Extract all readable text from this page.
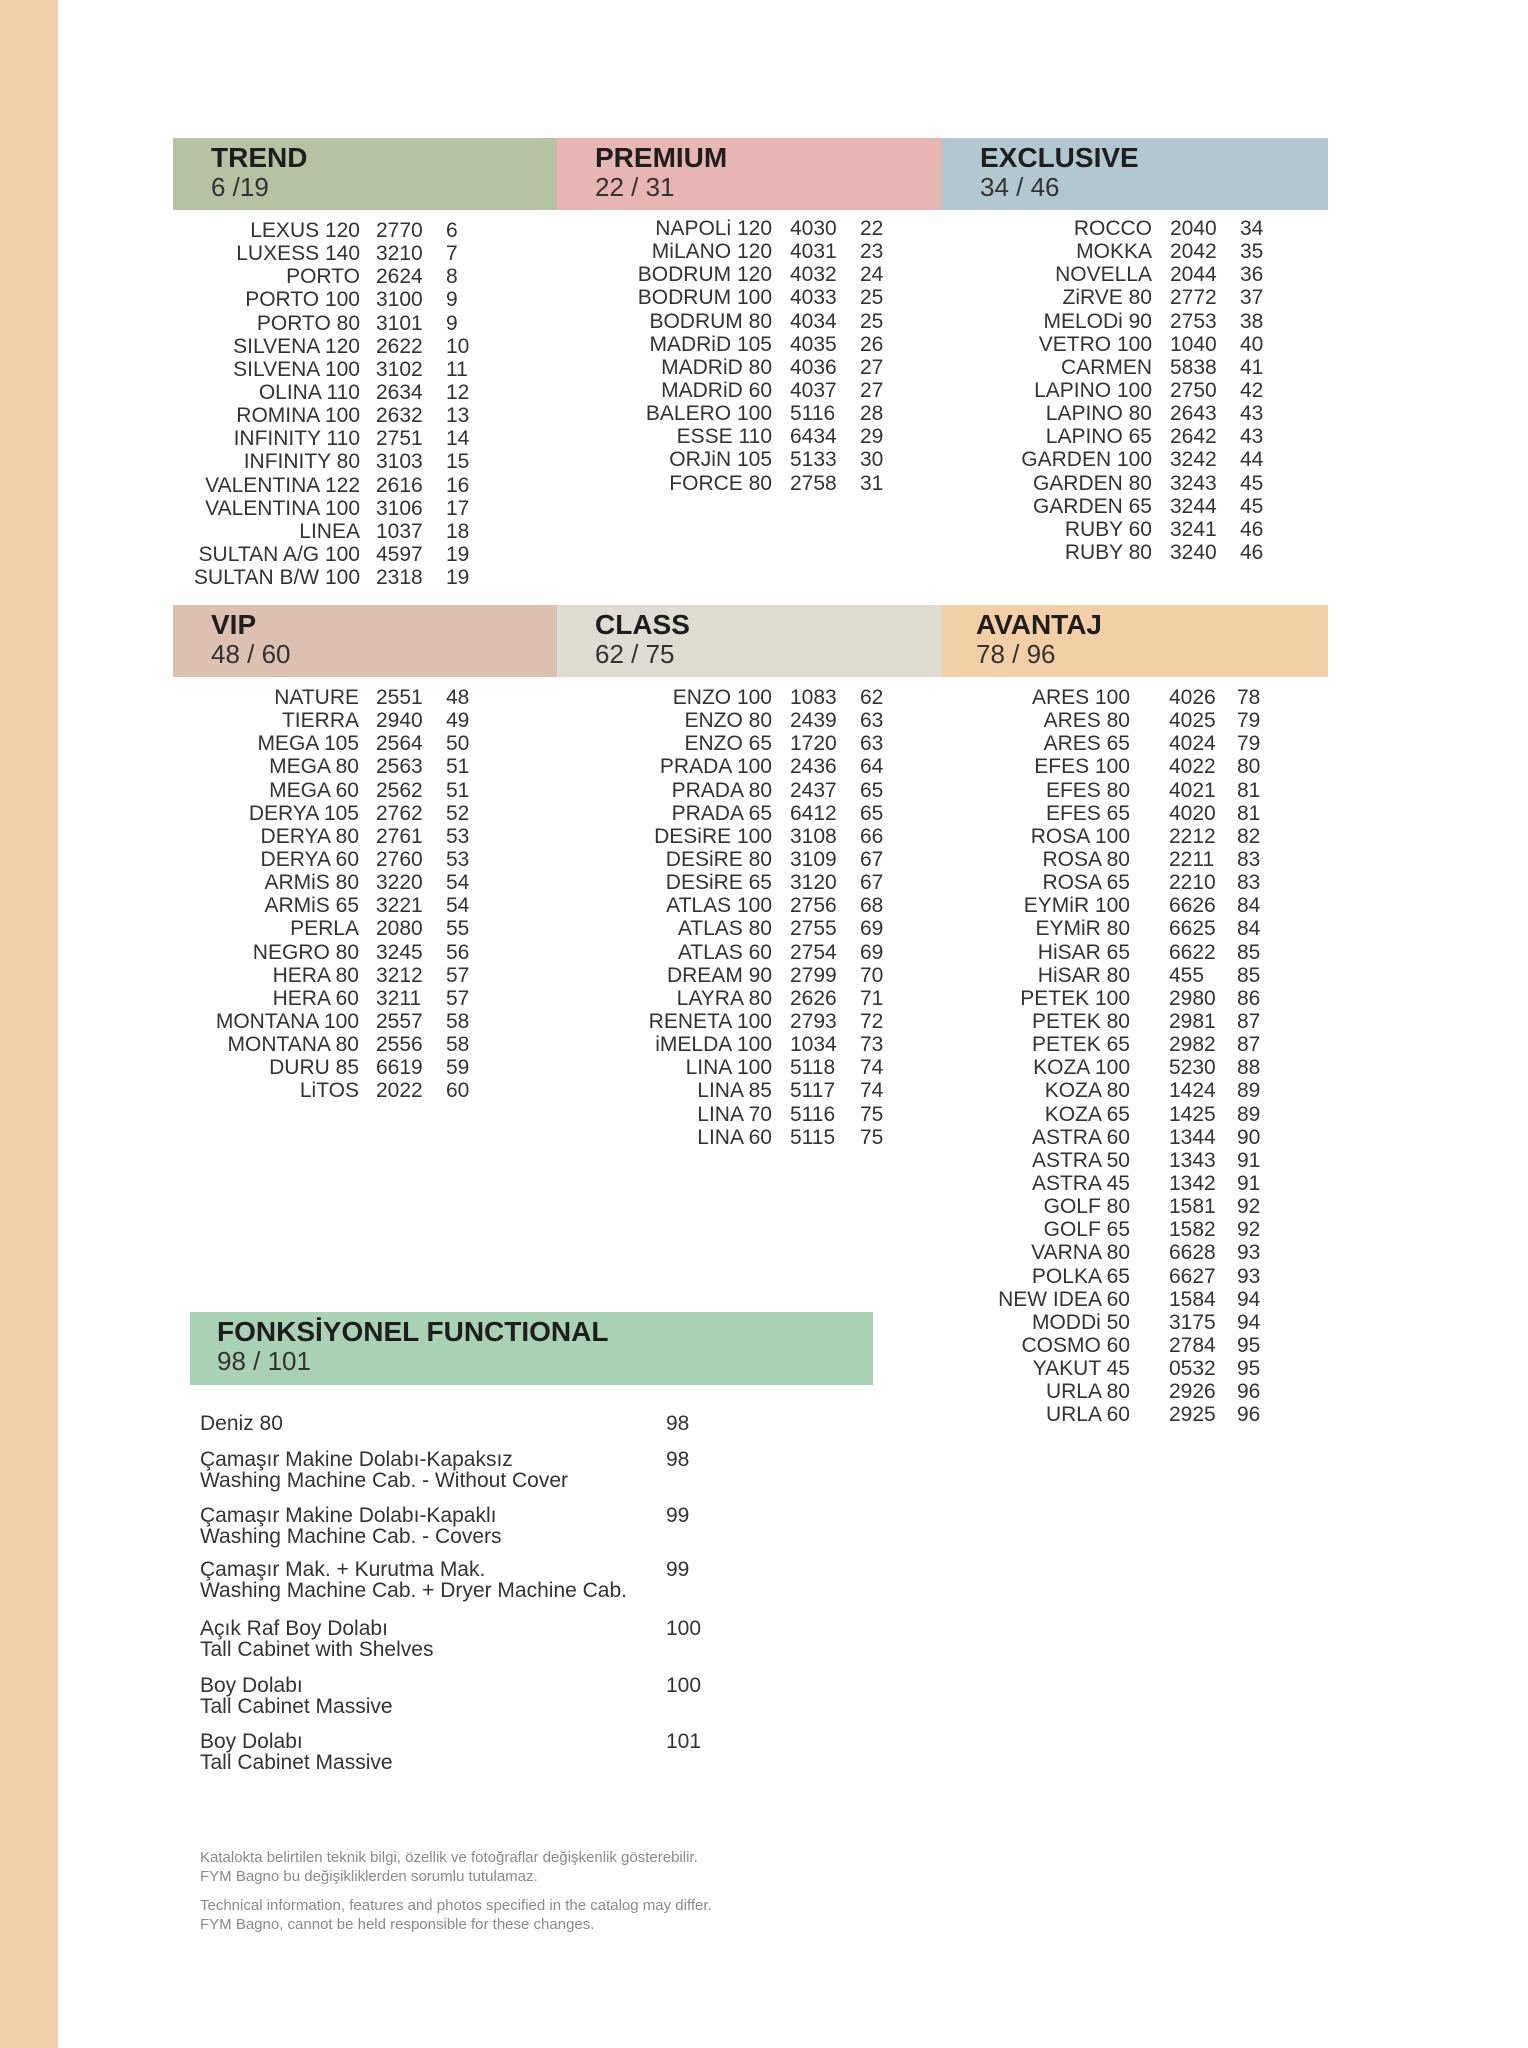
TREND
6 /19
PREMIUM
22 / 31
EXCLUSIVE
34 / 46
VIP
48 / 60
CLASS
62 / 75
AVANTAJ
78 / 96
LEXUS 120 2770 6
LUXESS 140 3210 7
PORTO 2624 8
PORTO 100 3100 9
PORTO 80 3101 9
SILVENA 120 2622 10
SILVENA 100 3102 11
OLINA 110 2634 12
ROMINA 100 2632 13
INFINITY 110 2751 14
INFINITY 80 3103 15
VALENTINA 122 2616 16
VALENTINA 100 3106 17
LINEA 1037 18
SULTAN A/G 100 4597 19
SULTAN B/W 100 2318 19
NAPOLi 120 4030 22
MiLANO 120 4031 23
BODRUM 120 4032 24
BODRUM 100 4033 25
BODRUM 80 4034 25
MADRiD 105 4035 26
MADRiD 80 4036 27
MADRiD 60 4037 27
BALERO 100 5116 28
ESSE 110 6434 29
ORJiN 105 5133 30
FORCE 80 2758 31
ROCCO 2040 34
MOKKA 2042 35
NOVELLA 2044 36
ZiRVE 80 2772 37
MELODi 90 2753 38
VETRO 100 1040 40
CARMEN 5838 41
LAPINO 100 2750 42
LAPINO 80 2643 43
LAPINO 65 2642 43
GARDEN 100 3242 44
GARDEN 80 3243 45
GARDEN 65 3244 45
RUBY 60 3241 46
RUBY 80 3240 46
NATURE 2551 48
TIERRA 2940 49
MEGA 105 2564 50
MEGA 80 2563 51
MEGA 60 2562 51
DERYA 105 2762 52
DERYA 80 2761 53
DERYA 60 2760 53
ARMiS 80 3220 54
ARMiS 65 3221 54
PERLA 2080 55
NEGRO 80 3245 56
HERA 80 3212 57
HERA 60 3211 57
MONTANA 100 2557 58
MONTANA 80 2556 58
DURU 85 6619 59
LiTOS 2022 60
ENZO 100 1083 62
ENZO 80 2439 63
ENZO 65 1720 63
PRADA 100 2436 64
PRADA 80 2437 65
PRADA 65 6412 65
DESiRE 100 3108 66
DESiRE 80 3109 67
DESiRE 65 3120 67
ATLAS 100 2756 68
ATLAS 80 2755 69
ATLAS 60 2754 69
DREAM 90 2799 70
LAYRA 80 2626 71
RENETA 100 2793 72
iMELDA 100 1034 73
LINA 100 5118 74
LINA 85 5117 74
LINA 70 5116 75
LINA 60 5115 75
ARES 100 4026 78
ARES 80 4025 79
ARES 65 4024 79
EFES 100 4022 80
EFES 80 4021 81
EFES 65 4020 81
ROSA 100 2212 82
ROSA 80 2211 83
ROSA 65 2210 83
EYMiR 100 6626 84
EYMiR 80 6625 84
HiSAR 65 6622 85
HiSAR 80 455 85
PETEK 100 2980 86
PETEK 80 2981 87
PETEK 65 2982 87
KOZA 100 5230 88
KOZA 80 1424 89
KOZA 65 1425 89
ASTRA 60 1344 90
ASTRA 50 1343 91
ASTRA 45 1342 91
GOLF 80 1581 92
GOLF 65 1582 92
VARNA 80 6628 93
POLKA 65 6627 93
NEW IDEA 60 1584 94
MODDi 50 3175 94
COSMO 60 2784 95
YAKUT 45 0532 95
URLA 80 2926 96
URLA 60 2925 96
FONKSİYONEL FUNCTIONAL
98 / 101
Deniz 80	98
Çamaşır Makine Dolabı-Kapaksız
Washing Machine Cab. - Without Cover
98
Çamaşır Makine Dolabı-Kapaklı
Washing Machine Cab. - Covers
99
Çamaşır Mak. + Kurutma Mak.
Washing Machine Cab. + Dryer Machine Cab.
99
Açık Raf Boy Dolabı
Tall Cabinet with Shelves
100
Boy Dolabı
Tall Cabinet Massive
100
Boy Dolabı
Tall Cabinet Massive
101
Katalokta belirtilen teknik bilgi, özellik ve fotoğraflar değişkenlik gösterebilir.
FYM Bagno bu değişikliklerden sorumlu tutulamaz.
Technical information, features and photos specified in the catalog may differ.
FYM Bagno, cannot be held responsible for these changes.
